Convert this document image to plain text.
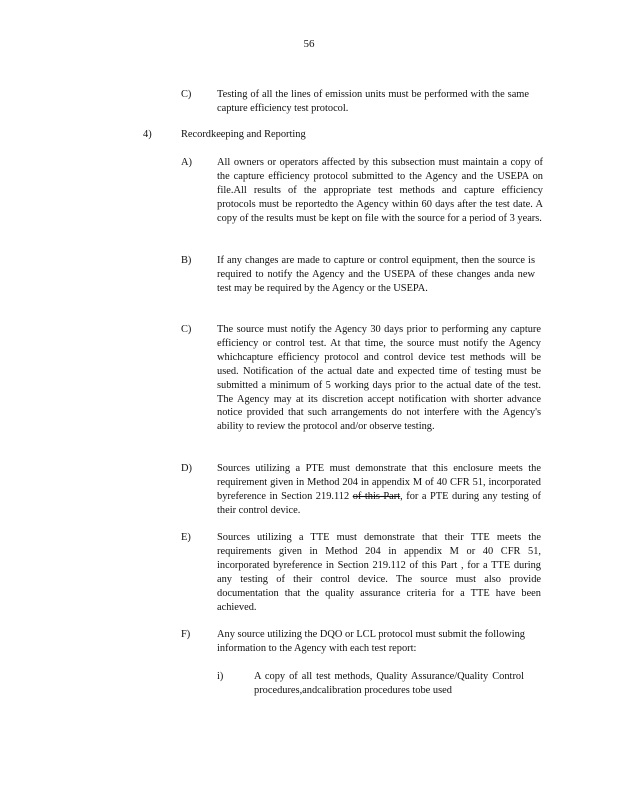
56
C) Testing of all the lines of emission units must be performed with the same capture efficiency test protocol.
4)	Recordkeeping and Reporting
A) All owners or operators affected by this subsection must maintain a copy of the capture efficiency protocol submitted to the Agency and the USEPA on file.All results of the appropriate test methods and capture efficiency protocols must be reportedto the Agency within 60 days after the test date. A copy of the results must be kept on file with the source for a period of 3 years.
B) If any changes are made to capture or control equipment, then the source is required to notify the Agency and the USEPA of these changes anda new test may be required by the Agency or the USEPA.
C) The source must notify the Agency 30 days prior to performing any capture efficiency or control test. At that time, the source must notify the Agency whichcapture efficiency protocol and control device test methods will be used. Notification of the actual date and expected time of testing must be submitted a minimum of 5 working days prior to the actual date of the test. The Agency may at its discretion accept notification with shorter advance notice provided that such arrangements do not interfere with the Agency's ability to review the protocol and/or observe testing.
D) Sources utilizing a PTE must demonstrate that this enclosure meets the requirement given in Method 204 in appendix M of 40 CFR 51, incorporated byreference in Section 219.112 of this Part, for a PTE during any testing of their control device.
E)	Sources utilizing a TTE must demonstrate that their TTE meets the requirements given in Method 204 in appendix M or 40 CFR 51, incorporated byreference in Section 219.112 of this Part , for a TTE during any testing of their control device. The source must also provide documentation that the quality assurance criteria for a TTE have been achieved.
F)	Any source utilizing the DQO or LCL protocol must submit the following information to the Agency with each test report:
i)	A copy of all test methods, Quality Assurance/Quality Control procedures,andcalibration procedures tobe used
